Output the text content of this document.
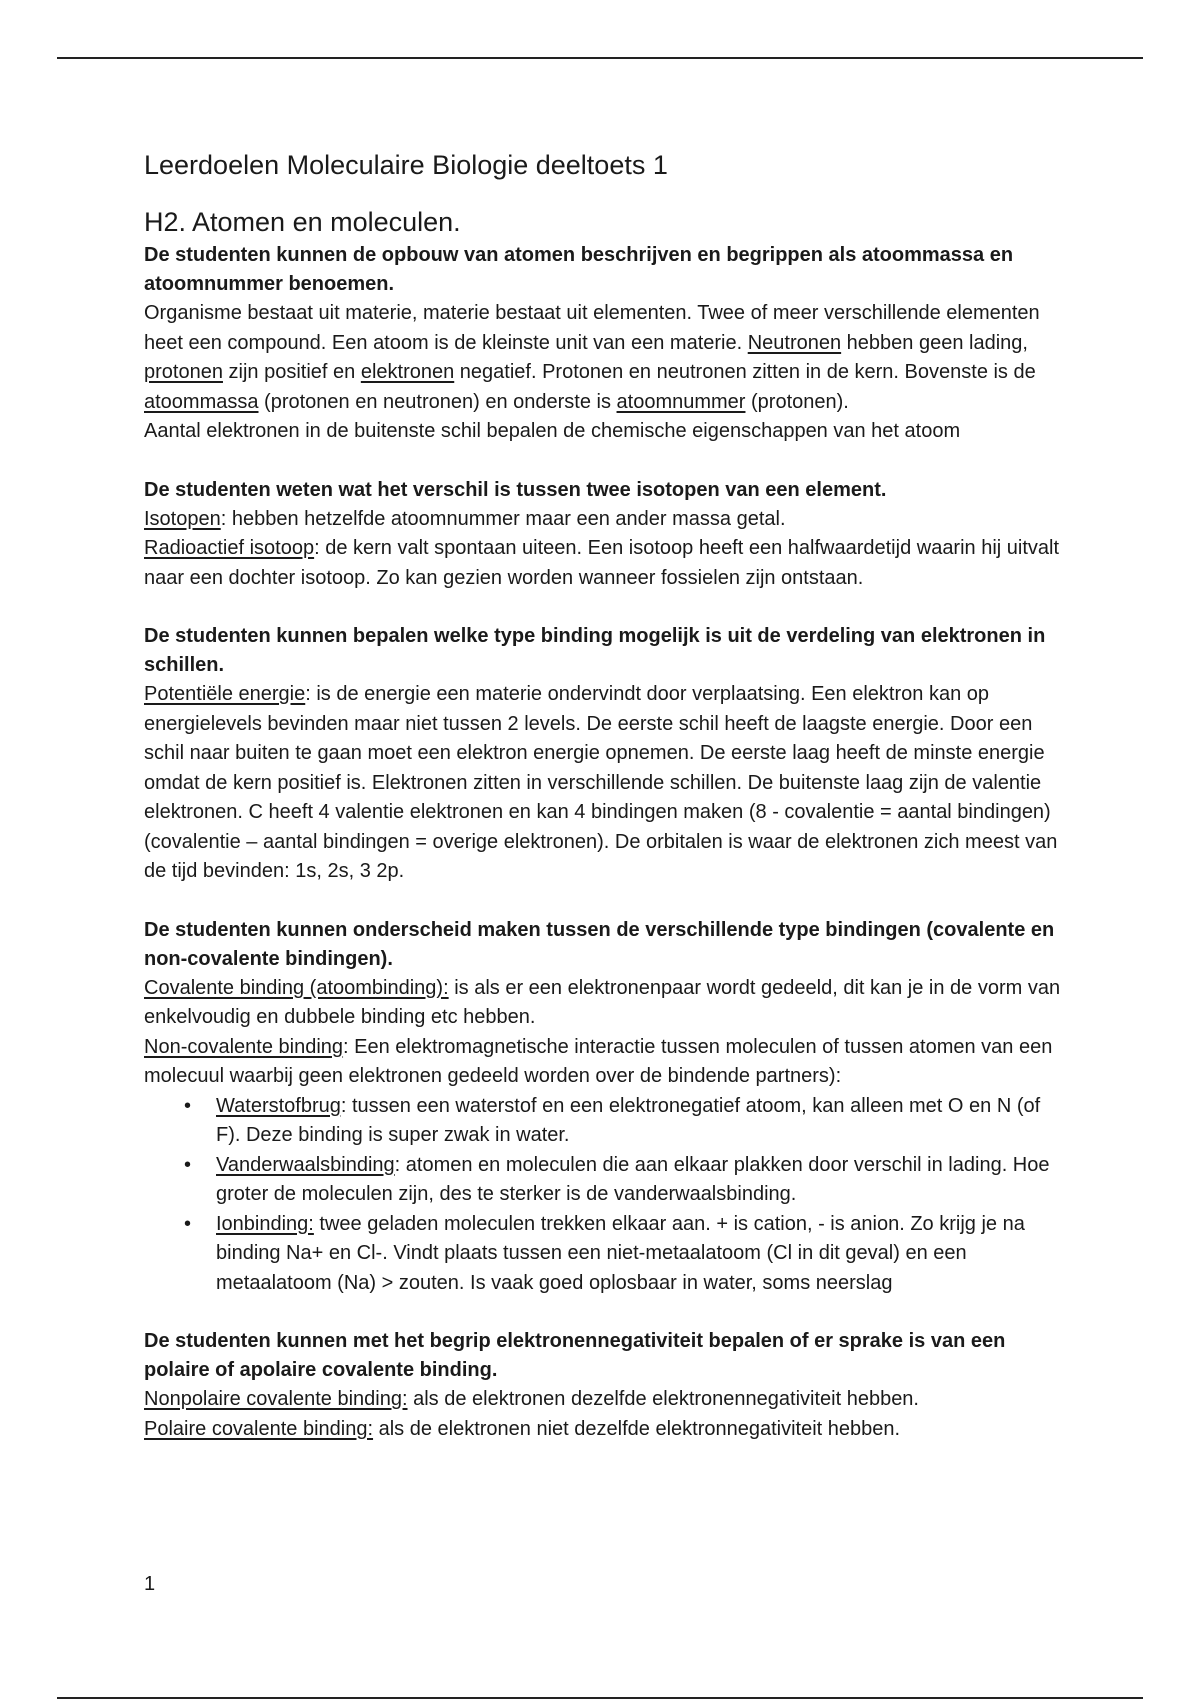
Leerdoelen Moleculaire Biologie deeltoets 1
H2. Atomen en moleculen.

De studenten kunnen de opbouw van atomen beschrijven en begrippen als atoommassa en atoomnummer benoemen.

Organisme bestaat uit materie, materie bestaat uit elementen. Twee of meer verschillende elementen heet een compound. Een atoom is de kleinste unit van een materie. Neutronen hebben geen lading, protonen zijn positief en elektronen negatief. Protonen en neutronen zitten in de kern. Bovenste is de atoommassa (protonen en neutronen) en onderste is atoomnummer (protonen).

Aantal elektronen in de buitenste schil bepalen de chemische eigenschappen van het atoom

De studenten weten wat het verschil is tussen twee isotopen van een element.

Isotopen: hebben hetzelfde atoomnummer maar een ander massa getal.

Radioactief isotoop: de kern valt spontaan uiteen. Een isotoop heeft een halfwaardetijd waarin hij uitvalt naar een dochter isotoop. Zo kan gezien worden wanneer fossielen zijn ontstaan.

De studenten kunnen bepalen welke type binding mogelijk is uit de verdeling van elektronen in schillen.

Potentiële energie: is de energie een materie ondervindt door verplaatsing. Een elektron kan op energielevels bevinden maar niet tussen 2 levels. De eerste schil heeft de laagste energie. Door een schil naar buiten te gaan moet een elektron energie opnemen. De eerste laag heeft de minste energie omdat de kern positief is. Elektronen zitten in verschillende schillen. De buitenste laag zijn de valentie elektronen. C heeft 4 valentie elektronen en kan 4 bindingen maken (8 - covalentie = aantal bindingen) (covalentie – aantal bindingen = overige elektronen). De orbitalen is waar de elektronen zich meest van de tijd bevinden: 1s, 2s, 3 2p.

De studenten kunnen onderscheid maken tussen de verschillende type bindingen (covalente en non-covalente bindingen).

Covalente binding (atoombinding): is als er een elektronenpaar wordt gedeeld, dit kan je in de vorm van enkelvoudig en dubbele binding etc hebben.

Non-covalente binding: Een elektromagnetische interactie tussen moleculen of tussen atomen van een molecuul waarbij geen elektronen gedeeld worden over de bindende partners):

• Waterstofbrug: tussen een waterstof en een elektronegatief atoom, kan alleen met O en N (of F). Deze binding is super zwak in water.
• Vanderwaalsbinding: atomen en moleculen die aan elkaar plakken door verschil in lading. Hoe groter de moleculen zijn, des te sterker is de vanderwaalsbinding.
• Ionbinding: twee geladen moleculen trekken elkaar aan. + is cation, - is anion. Zo krijg je na binding Na+ en Cl-. Vindt plaats tussen een niet-metaalatoom (Cl in dit geval) en een metaalatoom (Na) > zouten. Is vaak goed oplosbaar in water, soms neerslag

De studenten kunnen met het begrip elektronennegativiteit bepalen of er sprake is van een polaire of apolaire covalente binding.

Nonpolaire covalente binding: als de elektronen dezelfde elektronennegativiteit hebben.

Polaire covalente binding: als de elektronen niet dezelfde elektronnegativiteit hebben.

1
